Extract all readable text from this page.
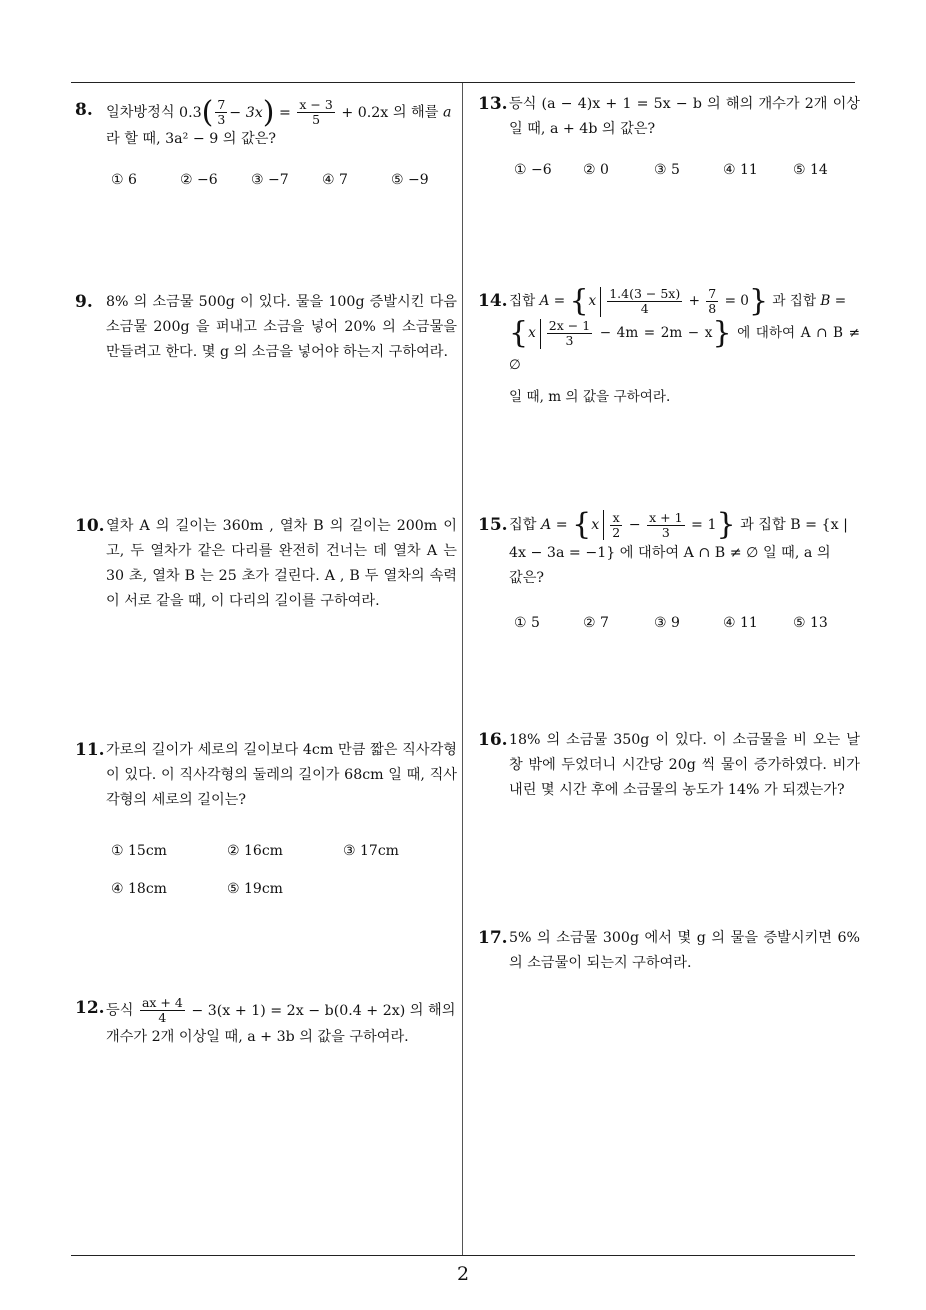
8. 일차방정식 $0.3( \frac{7}{3} - 3x) = \frac{x - 3}{5} + 0.2x$ 의 해를 a
라 할 때, 3a² − 9 의 값은?
① 6	② −6 ③ −7 ④ 7	⑤ −9
9. 8% 의 소금물 500g 이 있다. 물을 100g 증발시킨 다음 소금물 200g 을 퍼내고 소금을 넣어 20% 의 소금물을 만들려고 한다. 몇 g 의 소금을 넣어야 하는지 구하여라.
10. 열차 A 의 길이는 360m , 열차 B 의 길이는 200m 이고, 두 열차가 같은 다리를 완전히 건너는 데 열차 A 는 30 초, 열차 B 는 25 초가 걸린다. A , B 두 열차의 속력이 서로 같을 때, 이 다리의 길이를 구하여라.
11. 가로의 길이가 세로의 길이보다 4cm 만큼 짧은 직사각형이 있다. 이 직사각형의 둘레의 길이가 68cm 일 때, 직사각형의 세로의 길이는?
① 15cm	② 16cm	③ 17cm
④ 18cm	⑤ 19cm
12. 등식 $\frac{ax + 4}{4} - 3(x + 1) = 2x - b(0.4 + 2x)$ 의 해의
개수가 2개 이상일 때, a + 3b 의 값을 구하여라.
13. 등식 (a − 4)x + 1 = 5x − b 의 해의 개수가 2개 이상일 때, a + 4b 의 값은?
① −6 ② 0	③ 5	④ 11	⑤ 14
14. 집합 $A = \{x \frac{1.4(3 - 5x)}{4} + \frac{7}{8} = 0\}$ 과 집합 B =
$\{x \frac{2x - 1}{3} - 4m = 2m - x\}$ 에 대하여 A ∩ B ≠ ∅
일 때, m 의 값을 구하여라.
15. 집합 $A = \{x \frac{x}{2} - \frac{x + 1}{3} = 1\}$ 과 집합 B = {x |
4x − 3a = −1} 에 대하여 A ∩ B ≠ ∅ 일 때, a 의
값은?
① 5	② 7	③ 9	④ 11	⑤ 13
16. 18% 의 소금물 350g 이 있다. 이 소금물을 비 오는 날 창 밖에 두었더니 시간당 20g 씩 물이 증가하였다. 비가 내린 몇 시간 후에 소금물의 농도가 14% 가 되겠는가?
17. 5% 의 소금물 300g 에서 몇 g 의 물을 증발시키면 6% 의 소금물이 되는지 구하여라.
2
